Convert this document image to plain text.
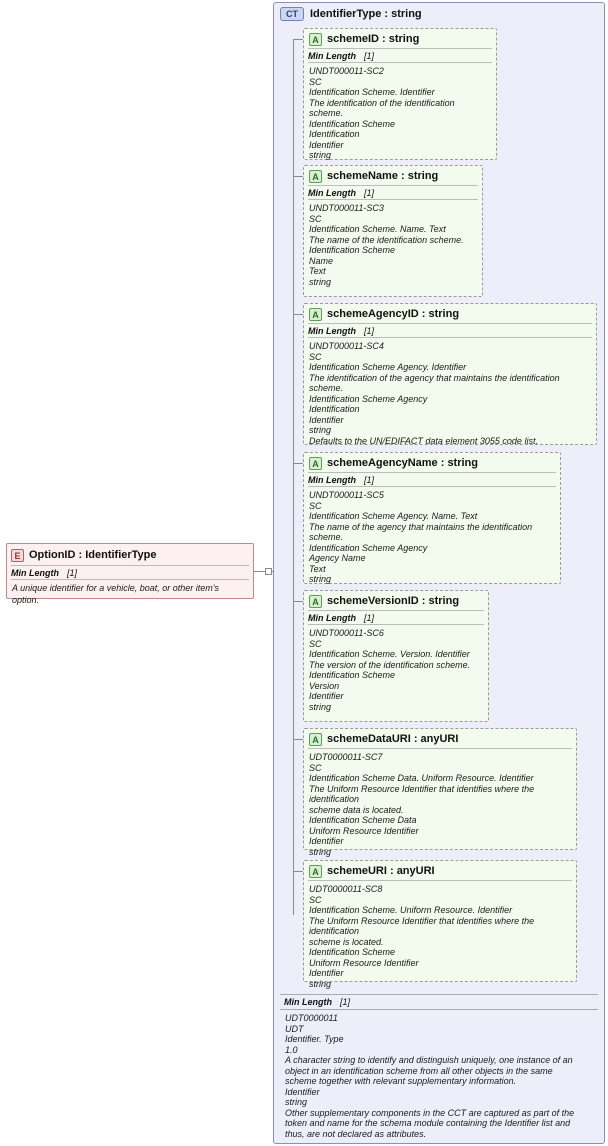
E OptionID : IdentifierType
Min Length [1]
A unique identifier for a vehicle, boat, or other item's option.
CT	IdentifierType : string
A schemeID : string
Min Length [1]
UNDT000011-SC2
SC
Identification Scheme. Identifier
The identification of the identification scheme.
Identification Scheme
Identification
Identifier
string
A schemeName : string
Min Length [1]
UNDT000011-SC3
SC
Identification Scheme. Name. Text
The name of the identification scheme.
Identification Scheme
Name
Text
string
A schemeAgencyID : string
Min Length [1]
UNDT000011-SC4
SC
Identification Scheme Agency. Identifier
The identification of the agency that maintains the identification scheme.
Identification Scheme Agency
Identification
Identifier
string
Defaults to the UN/EDIFACT data element 3055 code list.
A schemeAgencyName : string
Min Length [1]
UNDT000011-SC5
SC
Identification Scheme Agency. Name. Text
The name of the agency that maintains the identification scheme.
Identification Scheme Agency
Agency Name
Text
string
A schemeVersionID : string
Min Length [1]
UNDT000011-SC6
SC
Identification Scheme. Version. Identifier
The version of the identification scheme.
Identification Scheme
Version
Identifier
string
A schemeDataURI : anyURI
UDT0000011-SC7
SC
Identification Scheme Data. Uniform Resource. Identifier
The Uniform Resource Identifier that identifies where the identification
scheme data is located.
Identification Scheme Data
Uniform Resource Identifier
Identifier
string
A schemeURI : anyURI
UDT0000011-SC8
SC
Identification Scheme. Uniform Resource. Identifier
The Uniform Resource Identifier that identifies where the identification
scheme is located.
Identification Scheme
Uniform Resource Identifier
Identifier
string
Min Length [1]
UDT0000011
UDT
Identifier. Type
1.0
A character string to identify and distinguish uniquely, one instance of an
object in an identification scheme from all other objects in the same
scheme together with relevant supplementary information.
Identifier
string
Other supplementary components in the CCT are captured as part of the
token and name for the schema module containing the Identifier list and
thus, are not declared as attributes.
